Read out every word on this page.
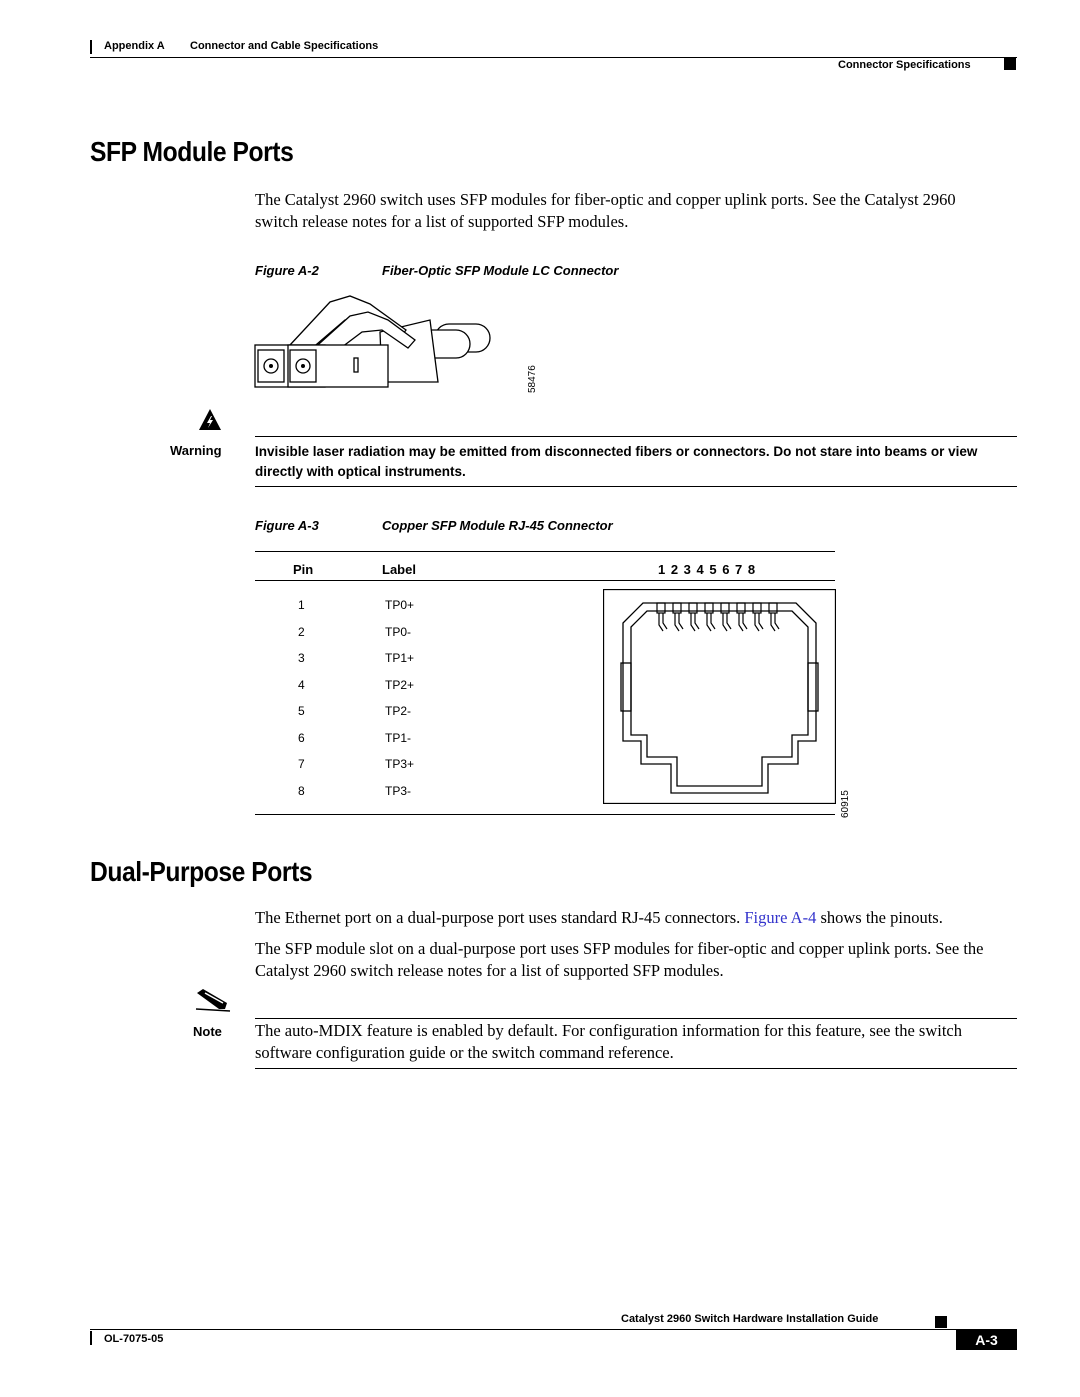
Appendix A Connector and Cable Specifications
Connector Specifications
SFP Module Ports
The Catalyst 2960 switch uses SFP modules for fiber-optic and copper uplink ports. See the Catalyst 2960 switch release notes for a list of supported SFP modules.
Figure A-2	Fiber-Optic SFP Module LC Connector
58476
Warning Invisible laser radiation may be emitted from disconnected fibers or connectors. Do not stare into beams or view directly with optical instruments.
Figure A-3	Copper SFP Module RJ-45 Connector
Pin	Label	1 2 3 4 5 6 7 8
1	TP0+
2	TP0-
3	TP1+
4	TP2+
5	TP2-
6	TP1-
7	TP3+
8	TP3-	60915
Dual-Purpose Ports
The Ethernet port on a dual-purpose port uses standard RJ-45 connectors. Figure A-4 shows the pinouts.
The SFP module slot on a dual-purpose port uses SFP modules for fiber-optic and copper uplink ports. See the Catalyst 2960 switch release notes for a list of supported SFP modules.
Note The auto-MDIX feature is enabled by default. For configuration information for this feature, see the switch software configuration guide or the switch command reference.
Catalyst 2960 Switch Hardware Installation Guide
OL-7075-05	A-3
